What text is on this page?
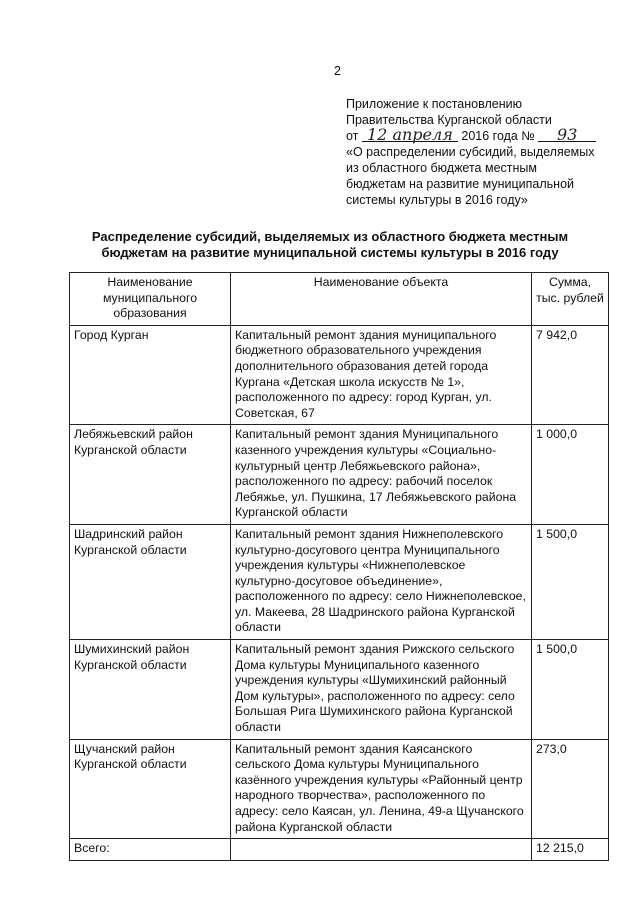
2
Приложение к постановлению
Правительства Курганской области
от 12 апреля 2016 года № 93
«О распределении субсидий, выделяемых
из областного бюджета местным
бюджетам на развитие муниципальной
системы культуры в 2016 году»
Распределение субсидий, выделяемых из областного бюджета местным
бюджетам на развитие муниципальной системы культуры в 2016 году
Наименование муниципального образования	Наименование объекта	Сумма, тыс. рублей
Город Курган	Капитальный ремонт здания муниципального бюджетного образовательного учреждения дополнительного образования детей города Кургана «Детская школа искусств № 1», расположенного по адресу: город Курган, ул. Советская, 67	7 942,0
Лебяжьевский район Курганской области	Капитальный ремонт здания Муниципального казенного учреждения культуры «Социально-культурный центр Лебяжьевского района», расположенного по адресу: рабочий поселок Лебяжье, ул. Пушкина, 17 Лебяжьевского района Курганской области	1 000,0
Шадринский район Курганской области	Капитальный ремонт здания Нижнеполевского культурно-досугового центра Муниципального учреждения культуры «Нижнеполевское культурно-досуговое объединение», расположенного по адресу: село Нижнеполевское, ул. Макеева, 28 Шадринского района Курганской области	1 500,0
Шумихинский район Курганской области	Капитальный ремонт здания Рижского сельского Дома культуры Муниципального казенного учреждения культуры «Шумихинский районный Дом культуры», расположенного по адресу: село Большая Рига Шумихинского района Курганской области	1 500,0
Щучанский район Курганской области	Капитальный ремонт здания Каясанского сельского Дома культуры Муниципального казённого учреждения культуры «Районный центр народного творчества», расположенного по адресу: село Каясан, ул. Ленина, 49-а Щучанского района Курганской области	273,0
Всего:		12 215,0
